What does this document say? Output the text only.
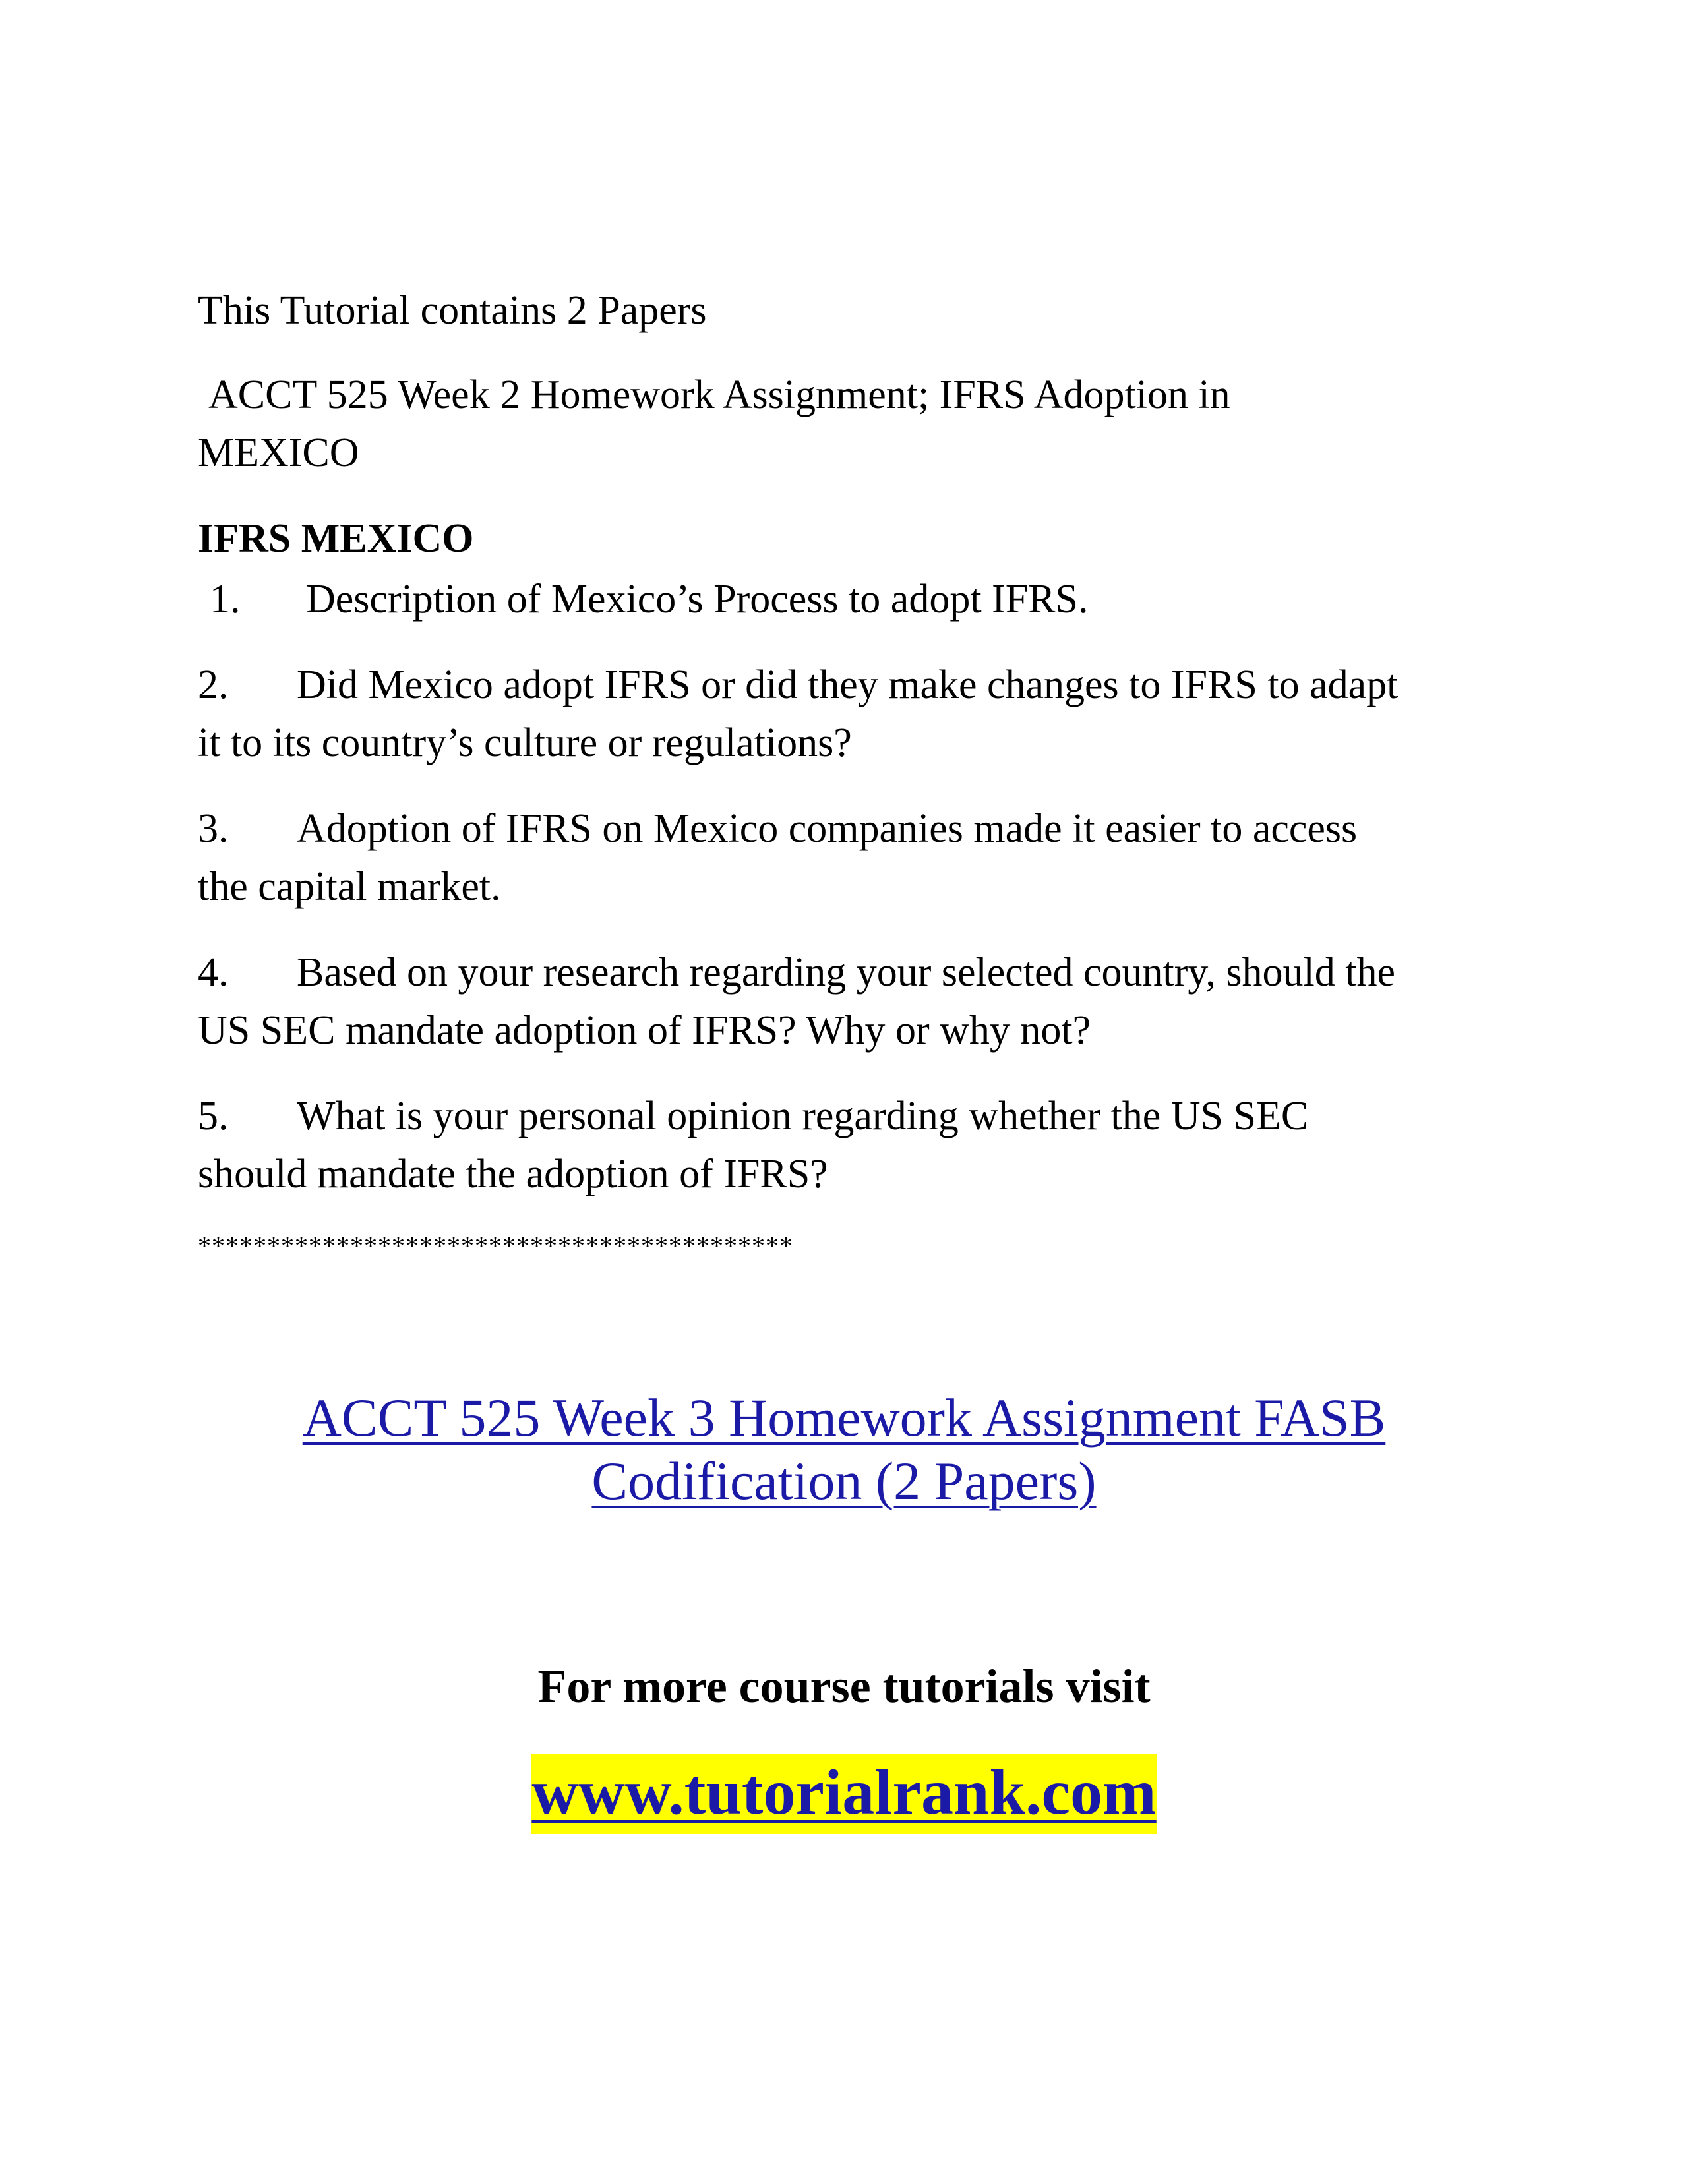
This Tutorial contains 2 Papers
ACCT 525 Week 2 Homework Assignment; IFRS Adoption in
MEXICO
IFRS MEXICO
1. Description of Mexico’s Process to adopt IFRS.
2. Did Mexico adopt IFRS or did they make changes to IFRS to adapt
it to its country’s culture or regulations?
3. Adoption of IFRS on Mexico companies made it easier to access
the capital market.
4. Based on your research regarding your selected country, should the
US SEC mandate adoption of IFRS? Why or why not?
5. What is your personal opinion regarding whether the US SEC
should mandate the adoption of IFRS?
*******************************************
ACCT 525 Week 3 Homework Assignment FASB
Codification (2 Papers)
For more course tutorials visit
www.tutorialrank.com
